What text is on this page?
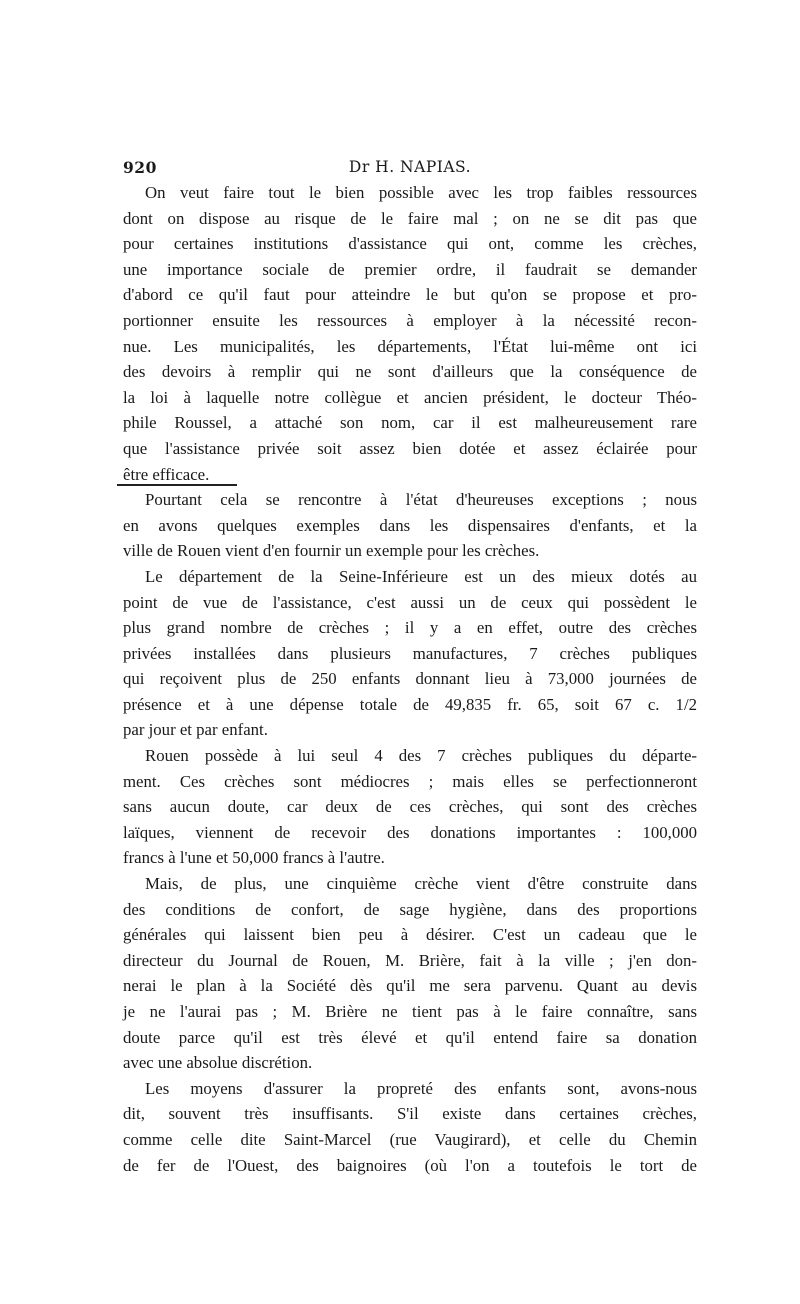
920	Dr H. NAPIAS.

On veut faire tout le bien possible avec les trop faibles ressources
dont on dispose au risque de le faire mal ; on ne se dit pas que
pour certaines institutions d'assistance qui ont, comme les crèches,
une importance sociale de premier ordre, il faudrait se demander
d'abord ce qu'il faut pour atteindre le but qu'on se propose et pro-
portionner ensuite les ressources à employer à la nécessité recon-
nue. Les municipalités, les départements, l'État lui-même ont ici
des devoirs à remplir qui ne sont d'ailleurs que la conséquence de
la loi à laquelle notre collègue et ancien président, le docteur Théo-
phile Roussel, a attaché son nom, car il est malheureusement rare
que l'assistance privée soit assez bien dotée et assez éclairée pour
être efficace.

Pourtant cela se rencontre à l'état d'heureuses exceptions ; nous
en avons quelques exemples dans les dispensaires d'enfants, et la
ville de Rouen vient d'en fournir un exemple pour les crèches.

Le département de la Seine-Inférieure est un des mieux dotés au
point de vue de l'assistance, c'est aussi un de ceux qui possèdent le
plus grand nombre de crèches ; il y a en effet, outre des crèches
privées installées dans plusieurs manufactures, 7 crèches publiques
qui reçoivent plus de 250 enfants donnant lieu à 73,000 journées de
présence et à une dépense totale de 49,835 fr. 65, soit 67 c. 1/2
par jour et par enfant.

Rouen possède à lui seul 4 des 7 crèches publiques du départe-
ment. Ces crèches sont médiocres ; mais elles se perfectionneront
sans aucun doute, car deux de ces crèches, qui sont des crèches
laïques, viennent de recevoir des donations importantes : 100,000
francs à l'une et 50,000 francs à l'autre.

Mais, de plus, une cinquième crèche vient d'être construite dans
des conditions de confort, de sage hygiène, dans des proportions
générales qui laissent bien peu à désirer. C'est un cadeau que le
directeur du Journal de Rouen, M. Brière, fait à la ville ; j'en don-
nerai le plan à la Société dès qu'il me sera parvenu. Quant au devis
je ne l'aurai pas ; M. Brière ne tient pas à le faire connaître, sans
doute parce qu'il est très élevé et qu'il entend faire sa donation
avec une absolue discrétion.

Les moyens d'assurer la propreté des enfants sont, avons-nous
dit, souvent très insuffisants. S'il existe dans certaines crèches,
comme celle dite Saint-Marcel (rue Vaugirard), et celle du Chemin
de fer de l'Ouest, des baignoires (où l'on a toutefois le tort de
